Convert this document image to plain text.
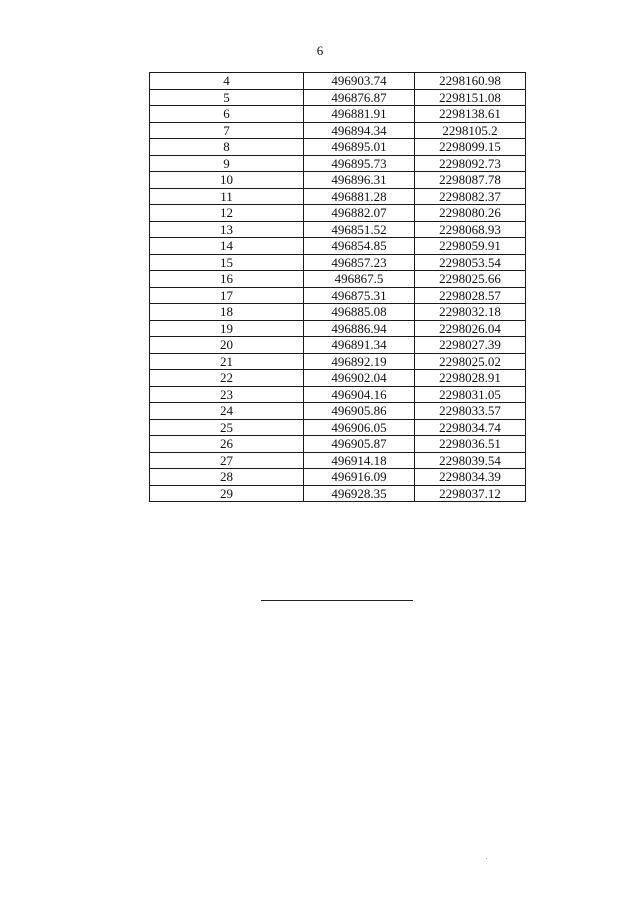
6
4	496903.74	2298160.98
5	496876.87	2298151.08
6	496881.91	2298138.61
7	496894.34	2298105.2
8	496895.01	2298099.15
9	496895.73	2298092.73
10	496896.31	2298087.78
11	496881.28	2298082.37
12	496882.07	2298080.26
13	496851.52	2298068.93
14	496854.85	2298059.91
15	496857.23	2298053.54
16	496867.5	2298025.66
17	496875.31	2298028.57
18	496885.08	2298032.18
19	496886.94	2298026.04
20	496891.34	2298027.39
21	496892.19	2298025.02
22	496902.04	2298028.91
23	496904.16	2298031.05
24	496905.86	2298033.57
25	496906.05	2298034.74
26	496905.87	2298036.51
27	496914.18	2298039.54
28	496916.09	2298034.39
29	496928.35	2298037.12
